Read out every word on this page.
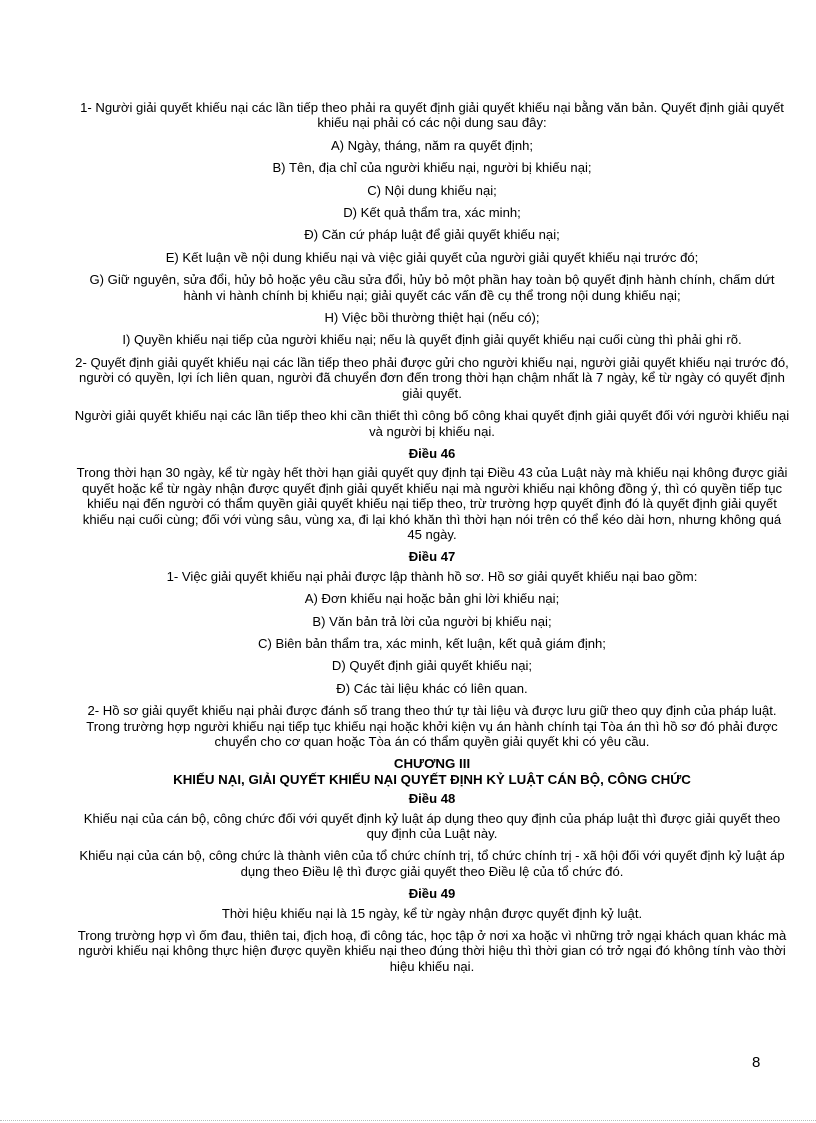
1- Người giải quyết khiếu nại các lần tiếp theo phải ra quyết định giải quyết khiếu nại bằng văn bản. Quyết định giải quyết khiếu nại phải có các nội dung sau đây:

A) Ngày, tháng, năm ra quyết định;

B) Tên, địa chỉ của người khiếu nại, người bị khiếu nại;

C) Nội dung khiếu nại;

D) Kết quả thẩm tra, xác minh;

Đ) Căn cứ pháp luật để giải quyết khiếu nại;

E) Kết luận về nội dung khiếu nại và việc giải quyết của người giải quyết khiếu nại trước đó;

G) Giữ nguyên, sửa đổi, hủy bỏ hoặc yêu cầu sửa đổi, hủy bỏ một phần hay toàn bộ quyết định hành chính, chấm dứt hành vi hành chính bị khiếu nại; giải quyết các vấn đề cụ thể trong nội dung khiếu nại;

H) Việc bồi thường thiệt hại (nếu có);

I) Quyền khiếu nại tiếp của người khiếu nại; nếu là quyết định giải quyết khiếu nại cuối cùng thì phải ghi rõ.

2- Quyết định giải quyết khiếu nại các lần tiếp theo phải được gửi cho người khiếu nại, người giải quyết khiếu nại trước đó, người có quyền, lợi ích liên quan, người đã chuyển đơn đến trong thời hạn chậm nhất là 7 ngày, kể từ ngày có quyết định giải quyết.

Người giải quyết khiếu nại các lần tiếp theo khi cần thiết thì công bố công khai quyết định giải quyết đối với người khiếu nại và người bị khiếu nại.

Điều 46

Trong thời hạn 30 ngày, kể từ ngày hết thời hạn giải quyết quy định tại Điều 43 của Luật này mà khiếu nại không được giải quyết hoặc kể từ ngày nhận được quyết định giải quyết khiếu nại mà người khiếu nại không đồng ý, thì có quyền tiếp tục khiếu nại đến người có thẩm quyền giải quyết khiếu nại tiếp theo, trừ trường hợp quyết định đó là quyết định giải quyết khiếu nại cuối cùng; đối với vùng sâu, vùng xa, đi lại khó khăn thì thời hạn nói trên có thể kéo dài hơn, nhưng không quá 45 ngày.

Điều 47

1- Việc giải quyết khiếu nại phải được lập thành hồ sơ. Hồ sơ giải quyết khiếu nại bao gồm:

A) Đơn khiếu nại hoặc bản ghi lời khiếu nại;

B) Văn bản trả lời của người bị khiếu nại;

C) Biên bản thẩm tra, xác minh, kết luận, kết quả giám định;

D) Quyết định giải quyết khiếu nại;

Đ) Các tài liệu khác có liên quan.

2- Hồ sơ giải quyết khiếu nại phải được đánh số trang theo thứ tự tài liệu và được lưu giữ theo quy định của pháp luật. Trong trường hợp người khiếu nại tiếp tục khiếu nại hoặc khởi kiện vụ án hành chính tại Tòa án thì hồ sơ đó phải được chuyển cho cơ quan hoặc Tòa án có thẩm quyền giải quyết khi có yêu cầu.

CHƯƠNG III

KHIẾU NẠI, GIẢI QUYẾT KHIẾU NẠI QUYẾT ĐỊNH KỶ LUẬT CÁN BỘ, CÔNG CHỨC

Điều 48

Khiếu nại của cán bộ, công chức đối với quyết định kỷ luật áp dụng theo quy định của pháp luật thì được giải quyết theo quy định của Luật này.

Khiếu nại của cán bộ, công chức là thành viên của tổ chức chính trị, tổ chức chính trị - xã hội đối với quyết định kỷ luật áp dụng theo Điều lệ thì được giải quyết theo Điều lệ của tổ chức đó.

Điều 49

Thời hiệu khiếu nại là 15 ngày, kể từ ngày nhận được quyết định kỷ luật.

Trong trường hợp vì ốm đau, thiên tai, địch hoạ, đi công tác, học tập ở nơi xa hoặc vì những trở ngại khách quan khác mà người khiếu nại không thực hiện được quyền khiếu nại theo đúng thời hiệu thì thời gian có trở ngại đó không tính vào thời hiệu khiếu nại.

8
